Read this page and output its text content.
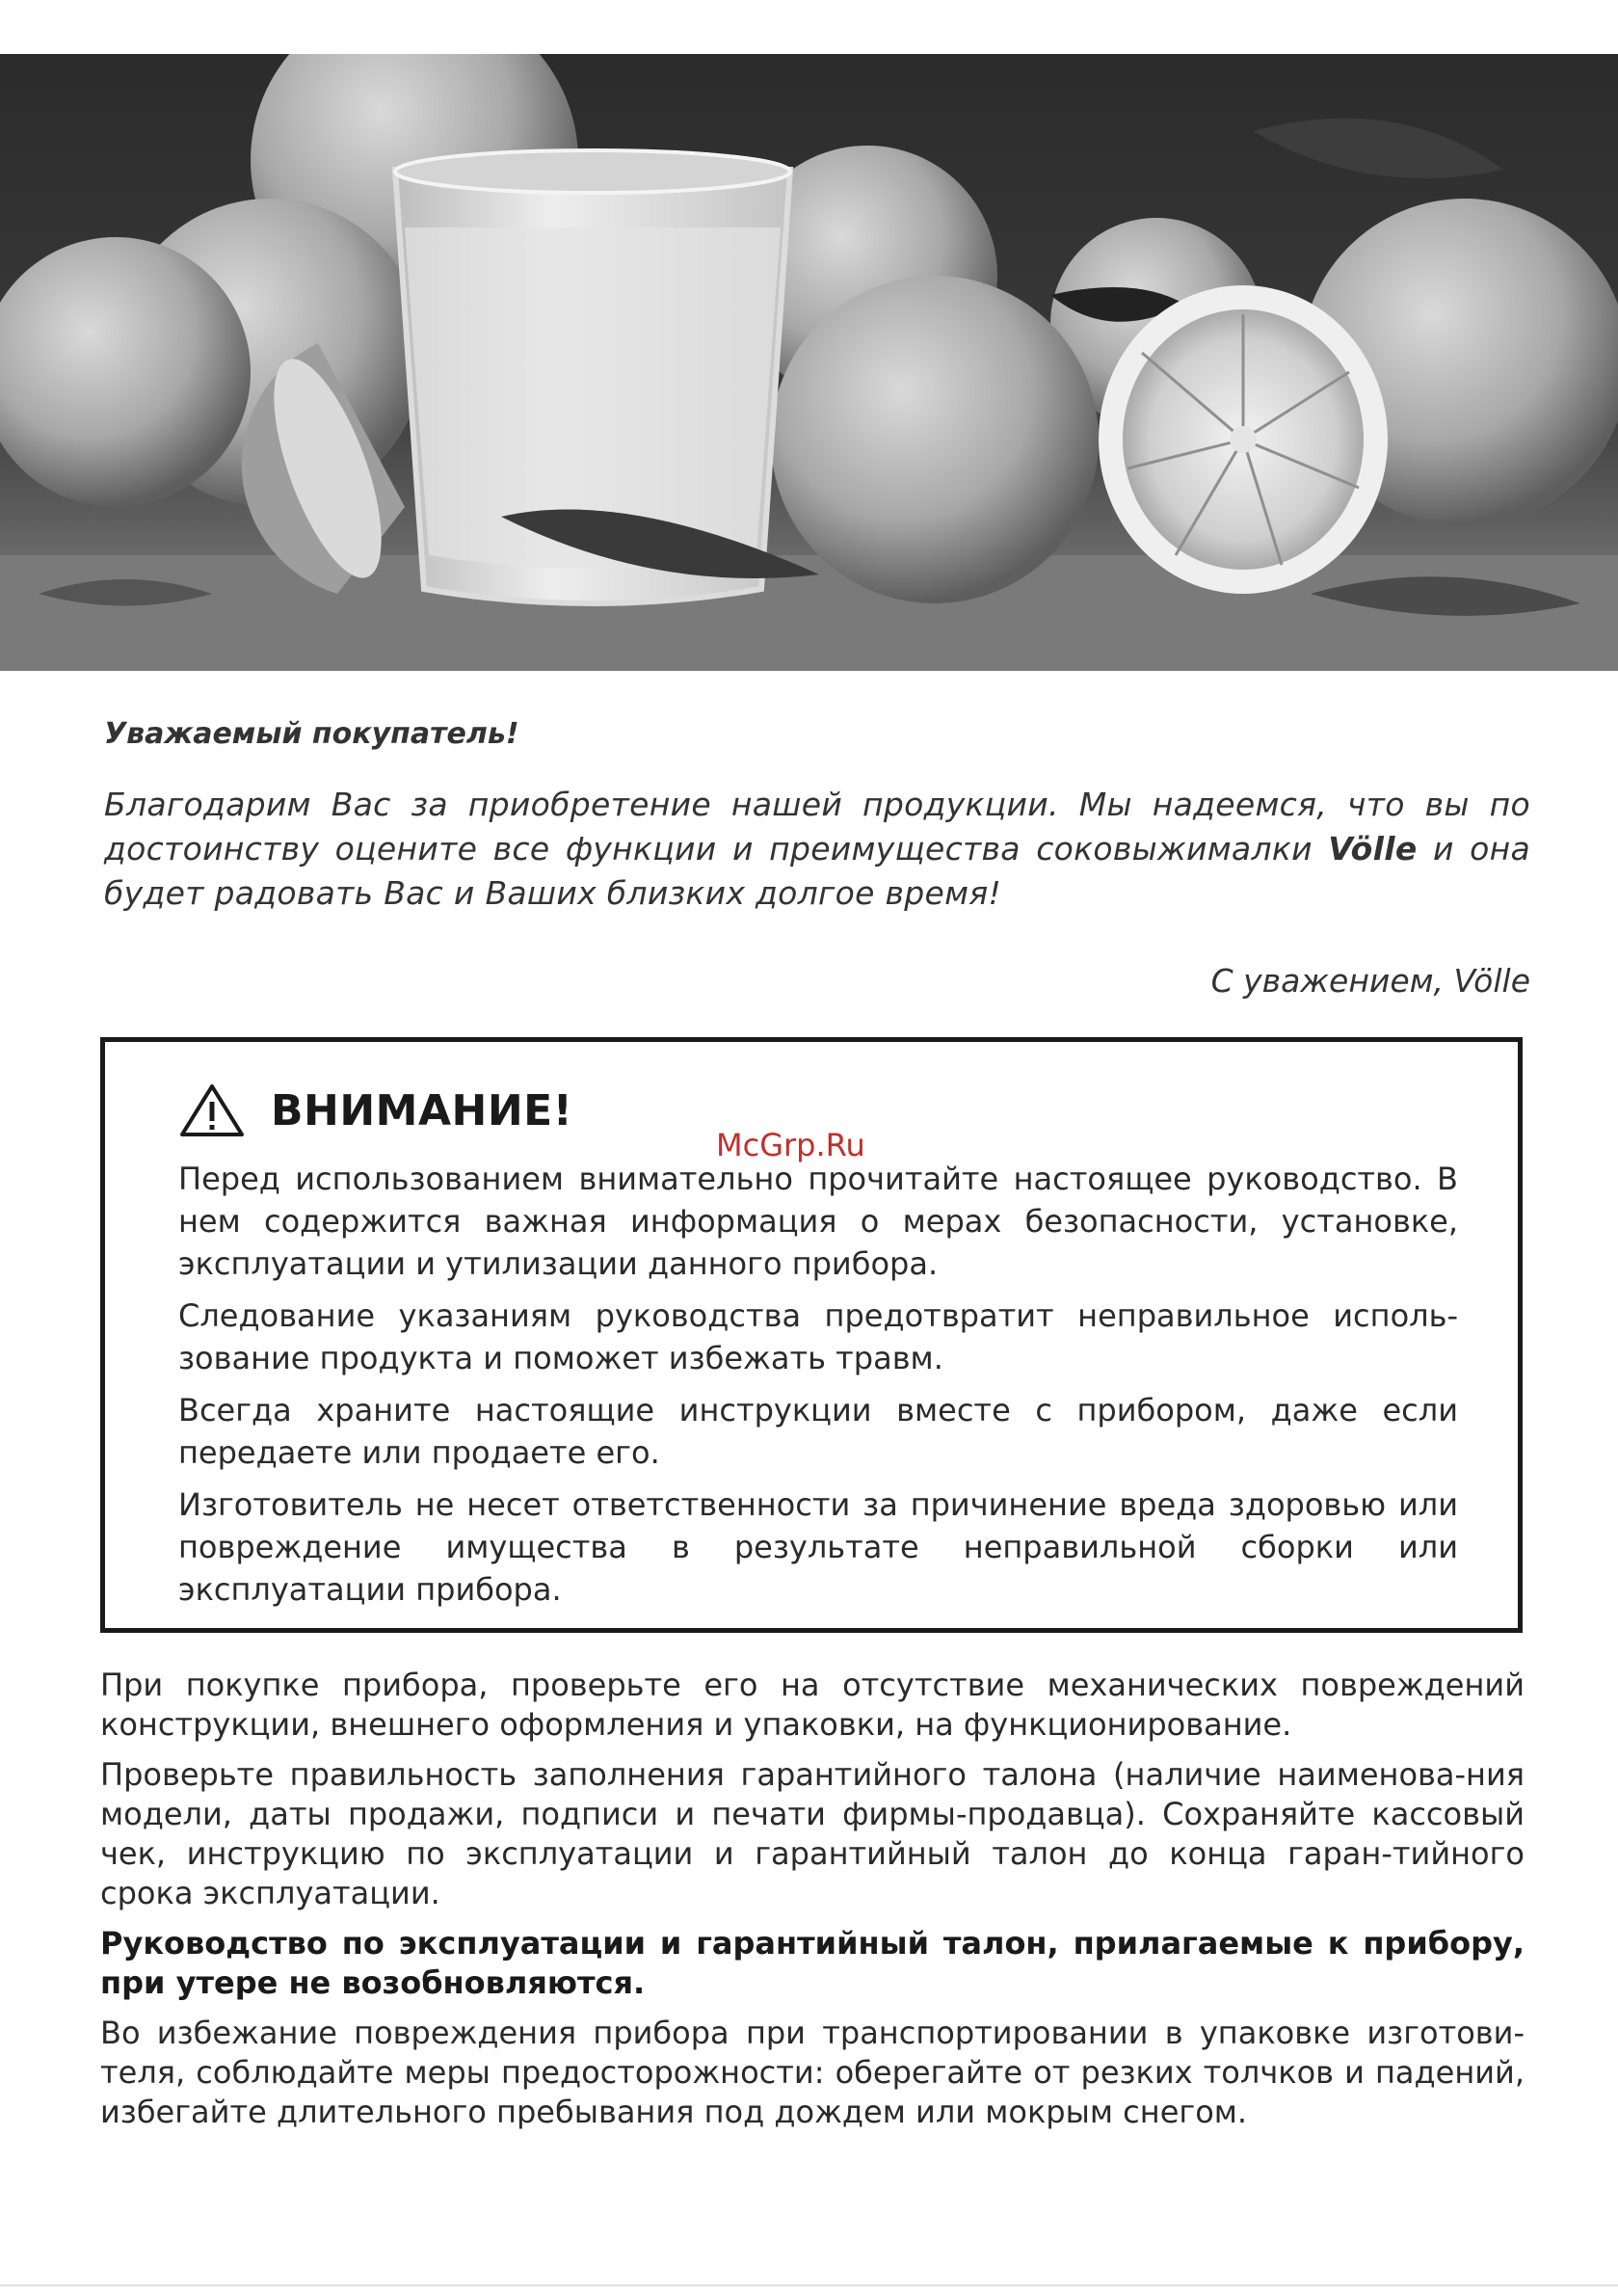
Уважаемый покупатель!
Благодарим Вас за приобретение нашей продукции. Мы надеемся, что вы по достоинству оцените все функции и преимущества соковыжималки Völle и она будет радовать Вас и Ваших близких долгое время!
С уважением, Völle
ВНИМАНИЕ!
McGrp.Ru

Перед использованием внимательно прочитайте настоящее руководство. В нем содержится важная информация о мерах безопасности, установке, эксплуатации и утилизации данного прибора.

Следование указаниям руководства предотвратит неправильное исполь-зование продукта и поможет избежать травм.

Всегда храните настоящие инструкции вместе с прибором, даже если передаете или продаете его.

Изготовитель не несет ответственности за причинение вреда здоровью или повреждение имущества в результате неправильной сборки или эксплуатации прибора.

При покупке прибора, проверьте его на отсутствие механических повреждений конструкции, внешнего оформления и упаковки, на функционирование.

Проверьте правильность заполнения гарантийного талона (наличие наименова-ния модели, даты продажи, подписи и печати фирмы-продавца). Сохраняйте кассовый чек, инструкцию по эксплуатации и гарантийный талон до конца гаран-тийного срока эксплуатации.

Руководство по эксплуатации и гарантийный талон, прилагаемые к прибору, при утере не возобновляются.

Во избежание повреждения прибора при транспортировании в упаковке изготови-теля, соблюдайте меры предосторожности: оберегайте от резких толчков и падений, избегайте длительного пребывания под дождем или мокрым снегом.
